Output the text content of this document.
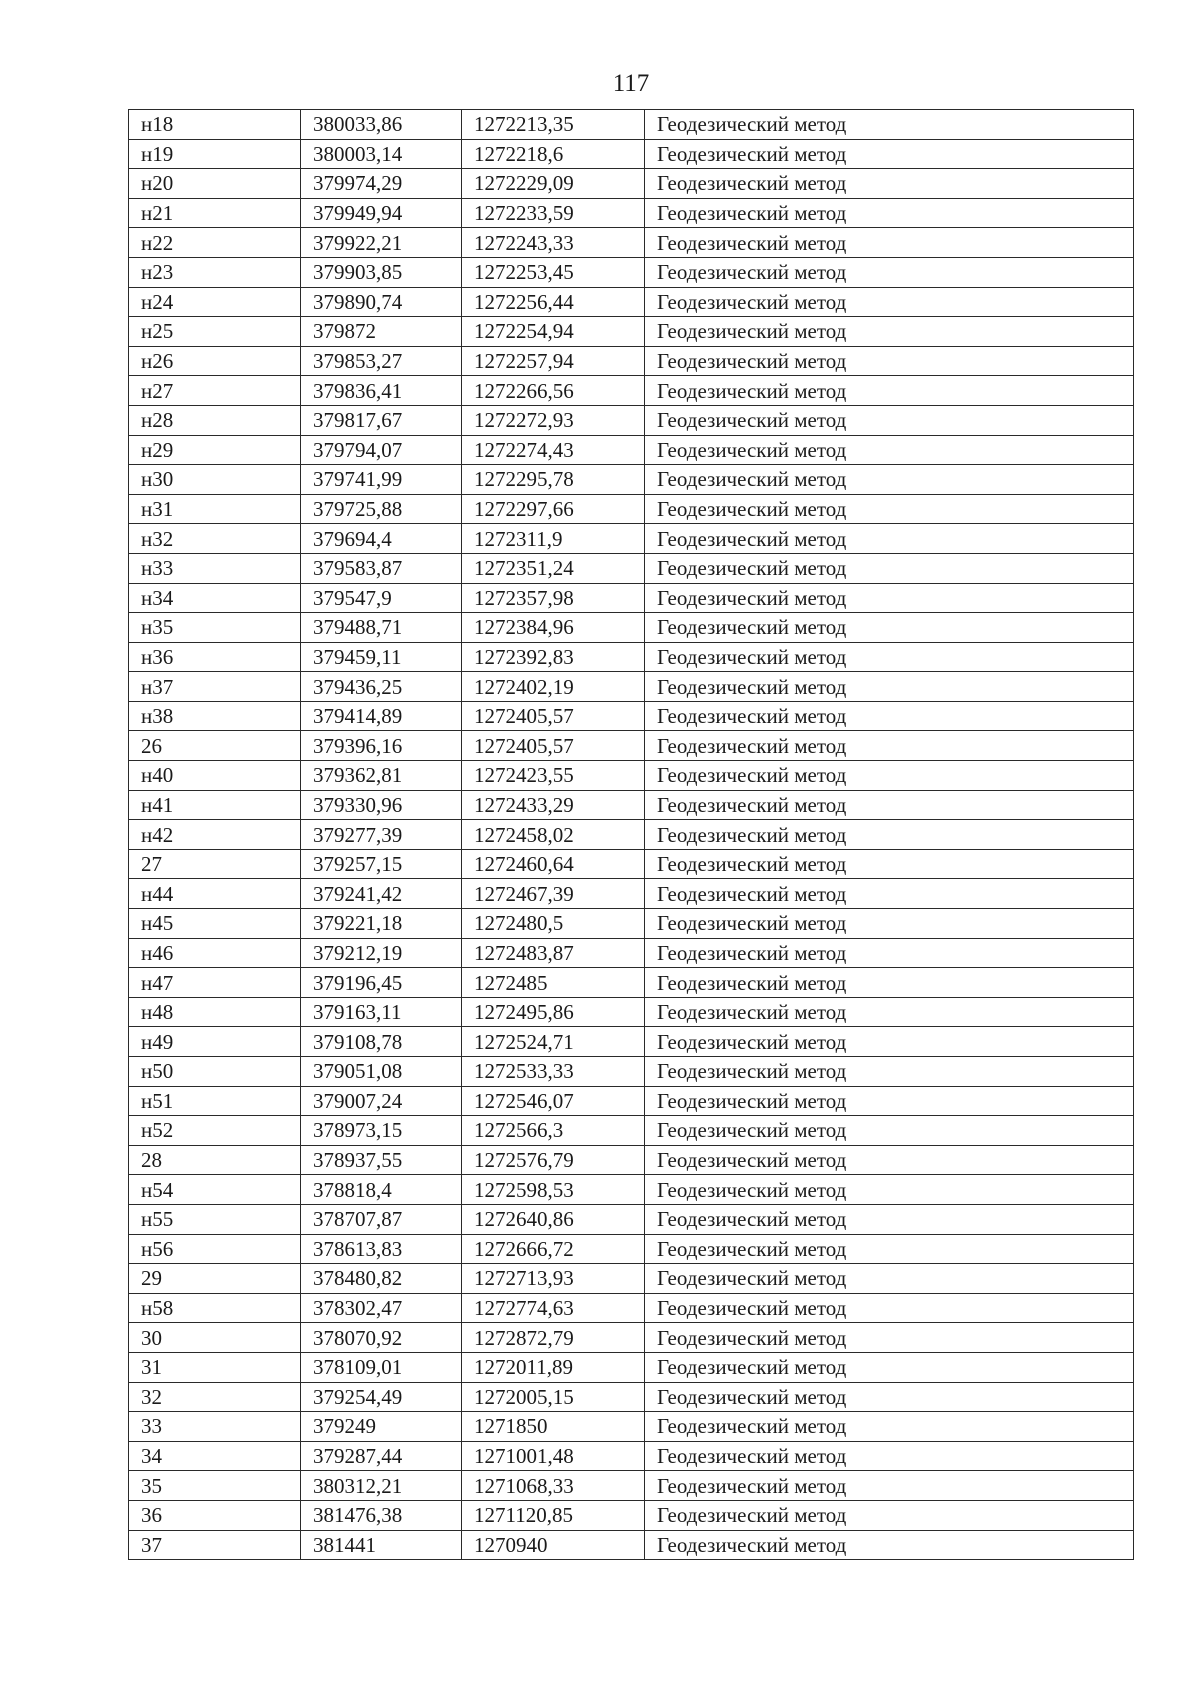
117
н18	380033,86	1272213,35	Геодезический метод
н19	380003,14	1272218,6	Геодезический метод
н20	379974,29	1272229,09	Геодезический метод
н21	379949,94	1272233,59	Геодезический метод
н22	379922,21	1272243,33	Геодезический метод
н23	379903,85	1272253,45	Геодезический метод
н24	379890,74	1272256,44	Геодезический метод
н25	379872	1272254,94	Геодезический метод
н26	379853,27	1272257,94	Геодезический метод
н27	379836,41	1272266,56	Геодезический метод
н28	379817,67	1272272,93	Геодезический метод
н29	379794,07	1272274,43	Геодезический метод
н30	379741,99	1272295,78	Геодезический метод
н31	379725,88	1272297,66	Геодезический метод
н32	379694,4	1272311,9	Геодезический метод
н33	379583,87	1272351,24	Геодезический метод
н34	379547,9	1272357,98	Геодезический метод
н35	379488,71	1272384,96	Геодезический метод
н36	379459,11	1272392,83	Геодезический метод
н37	379436,25	1272402,19	Геодезический метод
н38	379414,89	1272405,57	Геодезический метод
26	379396,16	1272405,57	Геодезический метод
н40	379362,81	1272423,55	Геодезический метод
н41	379330,96	1272433,29	Геодезический метод
н42	379277,39	1272458,02	Геодезический метод
27	379257,15	1272460,64	Геодезический метод
н44	379241,42	1272467,39	Геодезический метод
н45	379221,18	1272480,5	Геодезический метод
н46	379212,19	1272483,87	Геодезический метод
н47	379196,45	1272485	Геодезический метод
н48	379163,11	1272495,86	Геодезический метод
н49	379108,78	1272524,71	Геодезический метод
н50	379051,08	1272533,33	Геодезический метод
н51	379007,24	1272546,07	Геодезический метод
н52	378973,15	1272566,3	Геодезический метод
28	378937,55	1272576,79	Геодезический метод
н54	378818,4	1272598,53	Геодезический метод
н55	378707,87	1272640,86	Геодезический метод
н56	378613,83	1272666,72	Геодезический метод
29	378480,82	1272713,93	Геодезический метод
н58	378302,47	1272774,63	Геодезический метод
30	378070,92	1272872,79	Геодезический метод
31	378109,01	1272011,89	Геодезический метод
32	379254,49	1272005,15	Геодезический метод
33	379249	1271850	Геодезический метод
34	379287,44	1271001,48	Геодезический метод
35	380312,21	1271068,33	Геодезический метод
36	381476,38	1271120,85	Геодезический метод
37	381441	1270940	Геодезический метод
